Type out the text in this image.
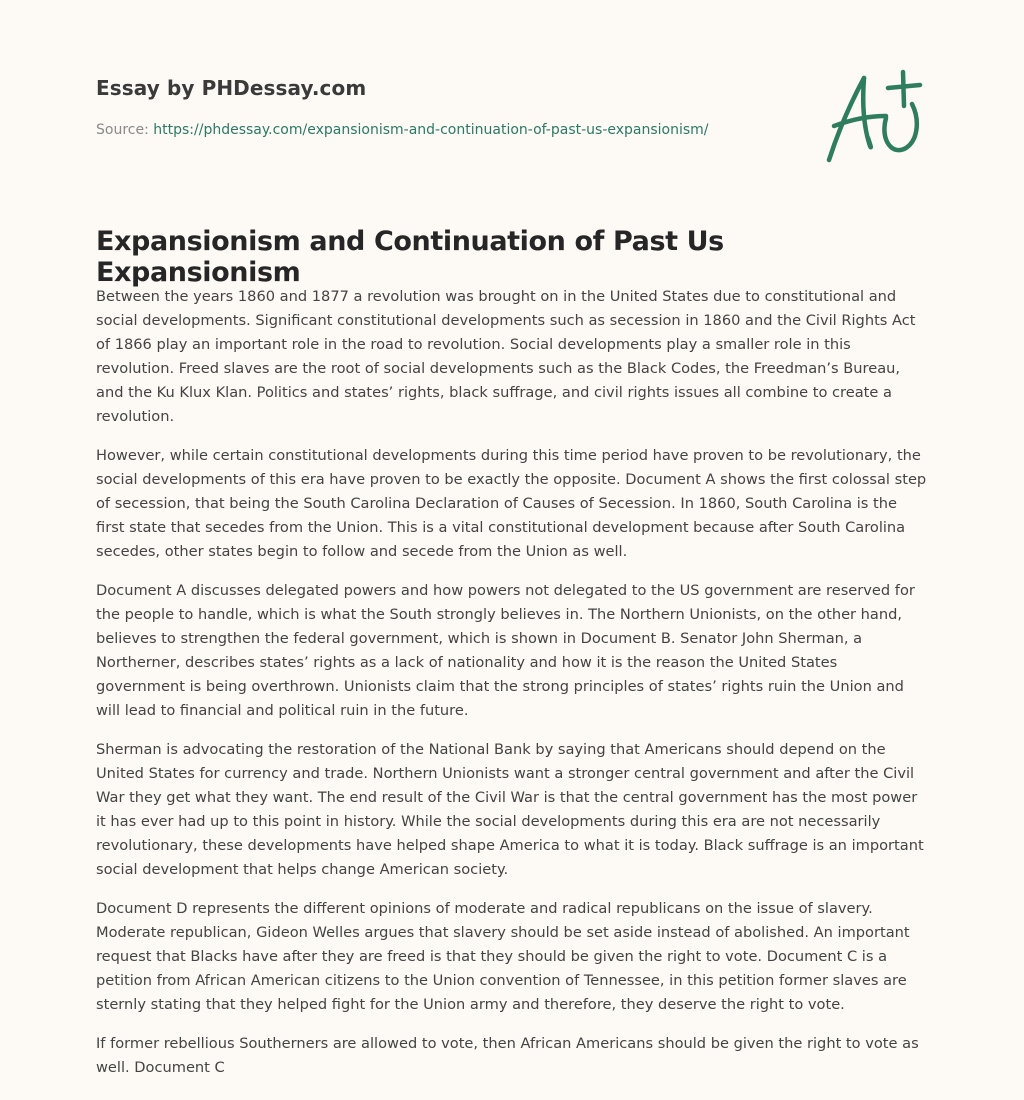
Essay by PHDessay.com
Source: https://phdessay.com/expansionism-and-continuation-of-past-us-expansionism/
Expansionism and Continuation of Past Us Expansionism

Between the years 1860 and 1877 a revolution was brought on in the United States due to constitutional and social developments. Significant constitutional developments such as secession in 1860 and the Civil Rights Act of 1866 play an important role in the road to revolution. Social developments play a smaller role in this revolution. Freed slaves are the root of social developments such as the Black Codes, the Freedman’s Bureau, and the Ku Klux Klan. Politics and states’ rights, black suffrage, and civil rights issues all combine to create a revolution.

However, while certain constitutional developments during this time period have proven to be revolutionary, the social developments of this era have proven to be exactly the opposite. Document A shows the first colossal step of secession, that being the South Carolina Declaration of Causes of Secession. In 1860, South Carolina is the first state that secedes from the Union. This is a vital constitutional development because after South Carolina secedes, other states begin to follow and secede from the Union as well.

Document A discusses delegated powers and how powers not delegated to the US government are reserved for the people to handle, which is what the South strongly believes in. The Northern Unionists, on the other hand, believes to strengthen the federal government, which is shown in Document B. Senator John Sherman, a Northerner, describes states’ rights as a lack of nationality and how it is the reason the United States government is being overthrown. Unionists claim that the strong principles of states’ rights ruin the Union and will lead to financial and political ruin in the future.

Sherman is advocating the restoration of the National Bank by saying that Americans should depend on the United States for currency and trade. Northern Unionists want a stronger central government and after the Civil War they get what they want. The end result of the Civil War is that the central government has the most power it has ever had up to this point in history. While the social developments during this era are not necessarily revolutionary, these developments have helped shape America to what it is today. Black suffrage is an important social development that helps change American society.

Document D represents the different opinions of moderate and radical republicans on the issue of slavery. Moderate republican, Gideon Welles argues that slavery should be set aside instead of abolished. An important request that Blacks have after they are freed is that they should be given the right to vote. Document C is a petition from African American citizens to the Union convention of Tennessee, in this petition former slaves are sternly stating that they helped fight for the Union army and therefore, they deserve the right to vote.

If former rebellious Southerners are allowed to vote, then African Americans should be given the right to vote as well. Document C
